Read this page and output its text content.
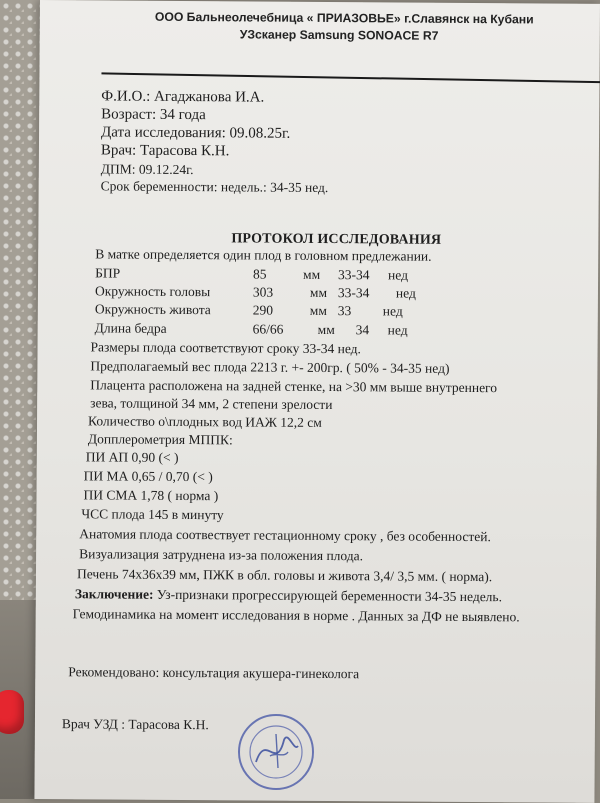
ООО Бальнеолечебница « ПРИАЗОВЬЕ» г.Славянск на Кубани
УЗсканер Samsung SONOACE R7
Ф.И.О.: Агаджанова И.А.
Возраст: 34 года
Дата исследования: 09.08.25г.
Врач: Тарасова К.Н.
ДПМ: 09.12.24г.
Срок беременности: недель.: 34-35 нед.
ПРОТОКОЛ ИССЛЕДОВАНИЯ
В матке определяется один плод в головном предлежании.
БПР	85	мм 33-34 нед
Окружность головы	303	мм 33-34 нед
Окружность живота	290	мм 33 нед
Длина бедра	66/66	мм 34 нед
Размеры плода соответствуют сроку 33-34 нед.
Предполагаемый вес плода 2213 г. +- 200гр. ( 50% - 34-35 нед)
Плацента расположена на задней стенке, на >30 мм выше внутреннего
зева, толщиной 34 мм, 2 степени зрелости
Количество о\плодных вод ИАЖ 12,2 см
Допплерометрия МППК:
ПИ АП 0,90 (< )
ПИ МА 0,65 / 0,70 (< )
ПИ СМА 1,78 ( норма )
ЧСС плода 145 в минуту
Анатомия плода соотвествует гестационному сроку , без особенностей.
Визуализация затруднена из-за положения плода.
Печень 74х36х39 мм, ПЖК в обл. головы и живота 3,4/ 3,5 мм. ( норма).
Заключение: Уз-признаки прогрессирующей беременности 34-35 недель.
Гемодинамика на момент исследования в норме . Данных за ДФ не выявлено.
Рекомендовано: консультация акушера-гинеколога
Врач УЗД : Тарасова К.Н.
